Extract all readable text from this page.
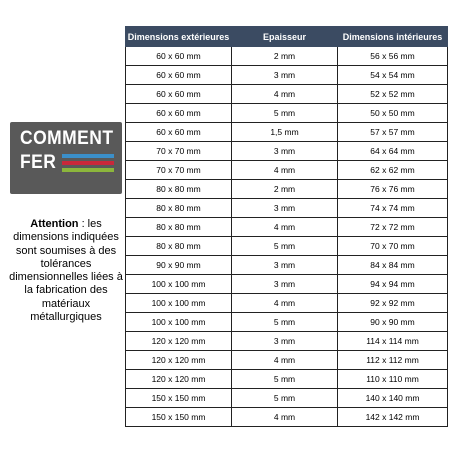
COMMENT
FER
Attention : les dimensions indiquées sont soumises à des tolérances dimensionnelles liées à la fabrication des matériaux métallurgiques
Dimensions extérieures	Epaisseur	Dimensions intérieures
60 x 60 mm	2 mm	56 x 56 mm
60 x 60 mm	3 mm	54 x 54 mm
60 x 60 mm	4 mm	52 x 52 mm
60 x 60 mm	5 mm	50 x 50 mm
60 x 60 mm	1,5 mm	57 x 57 mm
70 x 70 mm	3 mm	64 x 64 mm
70 x 70 mm	4 mm	62 x 62 mm
80 x 80 mm	2 mm	76 x 76 mm
80 x 80 mm	3 mm	74 x 74 mm
80 x 80 mm	4 mm	72 x 72 mm
80 x 80 mm	5 mm	70 x 70 mm
90 x 90 mm	3 mm	84 x 84 mm
100 x 100 mm	3 mm	94 x 94 mm
100 x 100 mm	4 mm	92 x 92 mm
100 x 100 mm	5 mm	90 x 90 mm
120 x 120 mm	3 mm	114 x 114 mm
120 x 120 mm	4 mm	112 x 112 mm
120 x 120 mm	5 mm	110 x 110 mm
150 x 150 mm	5 mm	140 x 140 mm
150 x 150 mm	4 mm	142 x 142 mm
